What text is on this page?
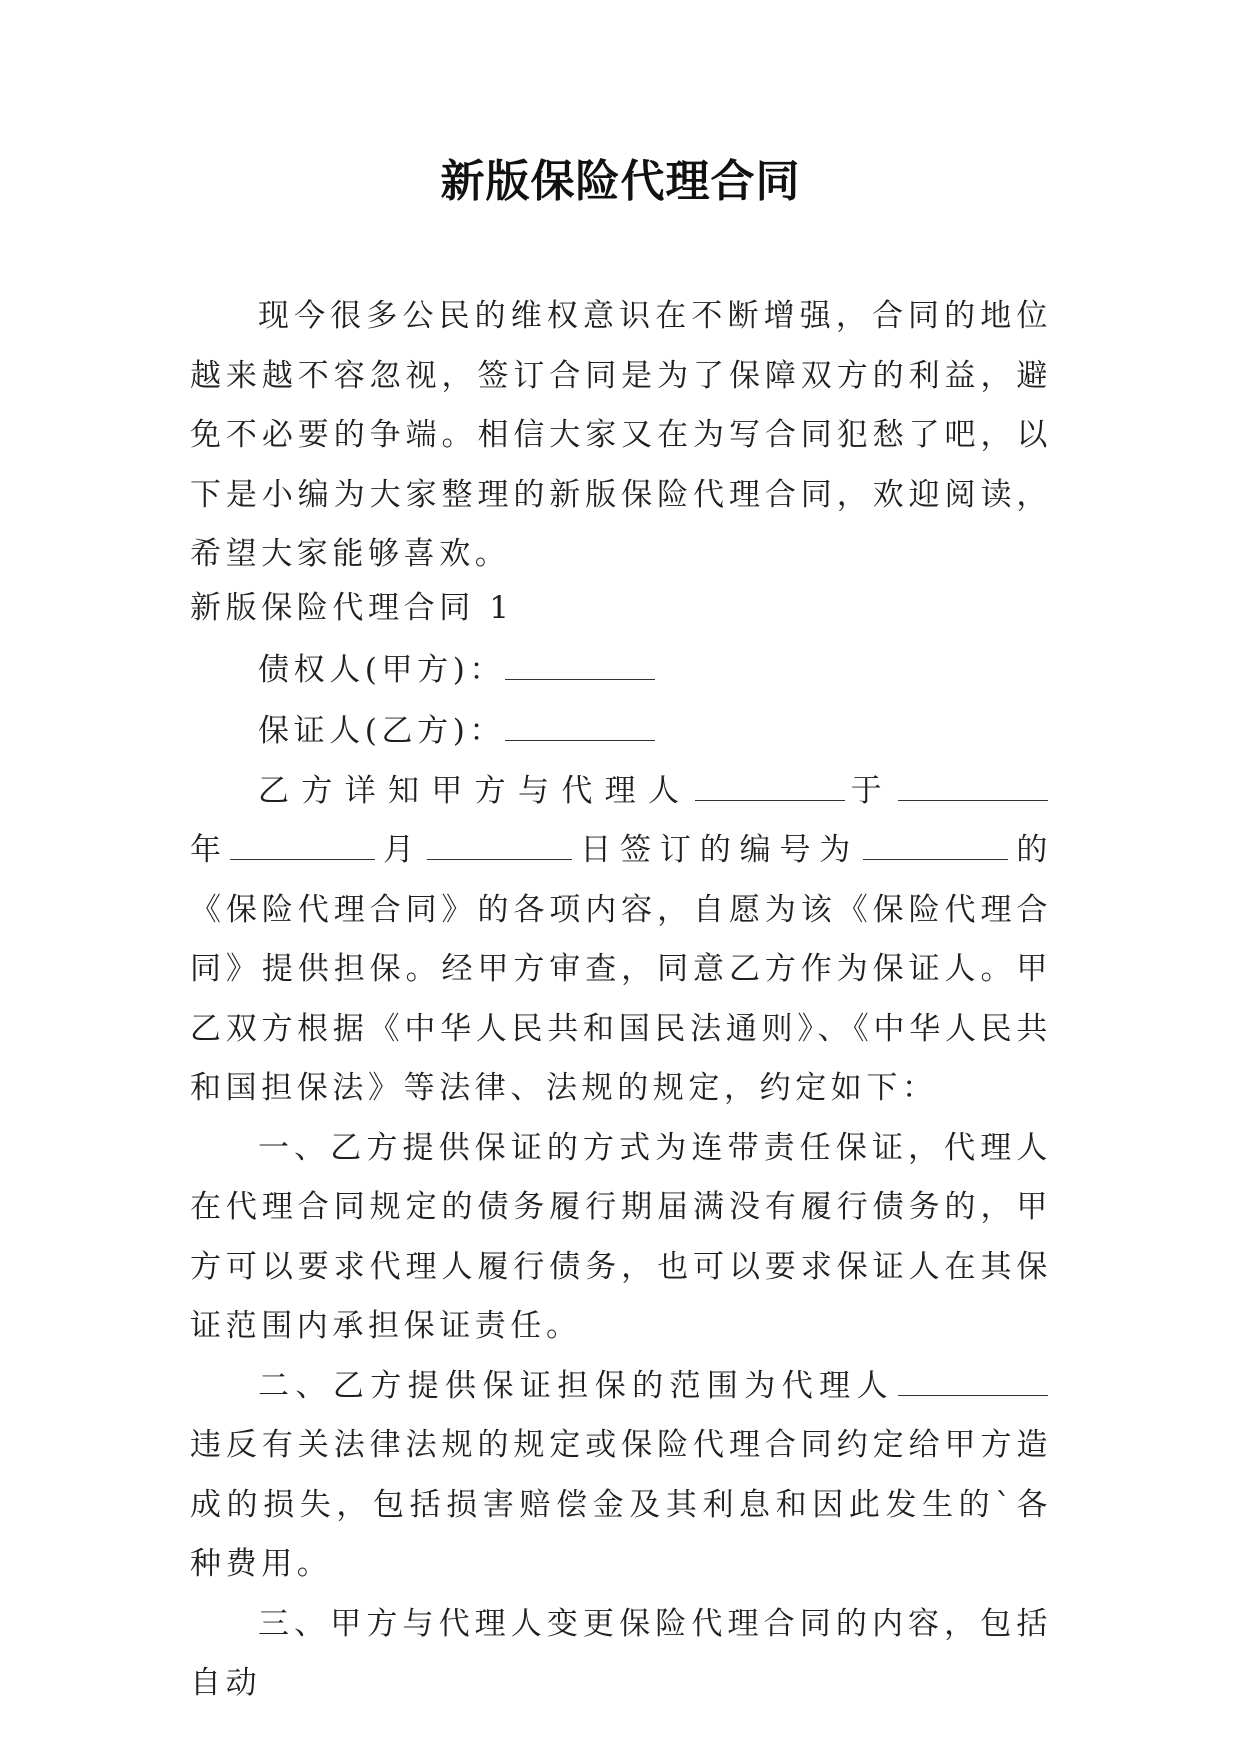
新版保险代理合同

现今很多公民的维权意识在不断增强，合同的地位越来越不容忽视，签订合同是为了保障双方的利益，避免不必要的争端。相信大家又在为写合同犯愁了吧，以下是小编为大家整理的新版保险代理合同，欢迎阅读，希望大家能够喜欢。

新版保险代理合同 1

债权人(甲方)：

保证人(乙方)：

乙方详知甲方与代理人	于年	月	日签订的编号为	的《保险代理合同》的各项内容，自愿为该《保险代理合同》提供担保。经甲方审查，同意乙方作为保证人。甲乙双方根据《中华人民共和国民法通则》、《中华人民共和国担保法》等法律、法规的规定，约定如下：

一、乙方提供保证的方式为连带责任保证，代理人在代理合同规定的债务履行期届满没有履行债务的，甲方可以要求代理人履行债务，也可以要求保证人在其保证范围内承担保证责任。

二、乙方提供保证担保的范围为代理人违反有关法律法规的规定或保险代理合同约定给甲方造成的损失，包括损害赔偿金及其利息和因此发生的`各种费用。

三、甲方与代理人变更保险代理合同的内容，包括自动
